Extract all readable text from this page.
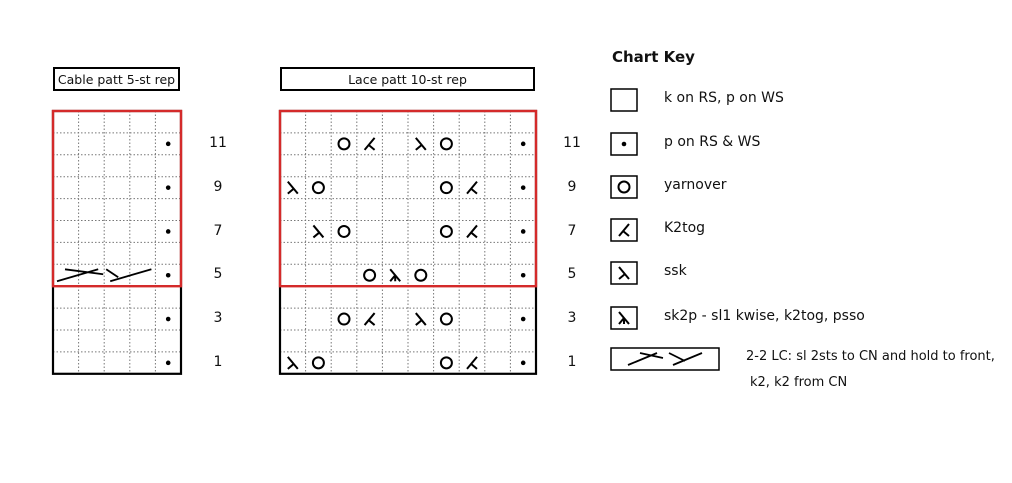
Cable patt 5-st rep	Lace patt 10-st rep
1
3
5
7
9
11
1
3
5
7
9
11
Chart Key
k on RS, p on WS
p on RS & WS
yarnover
K2tog
ssk
sk2p - sl1 kwise, k2tog, psso
2-2 LC: sl 2sts to CN and hold to front,
k2, k2 from CN
